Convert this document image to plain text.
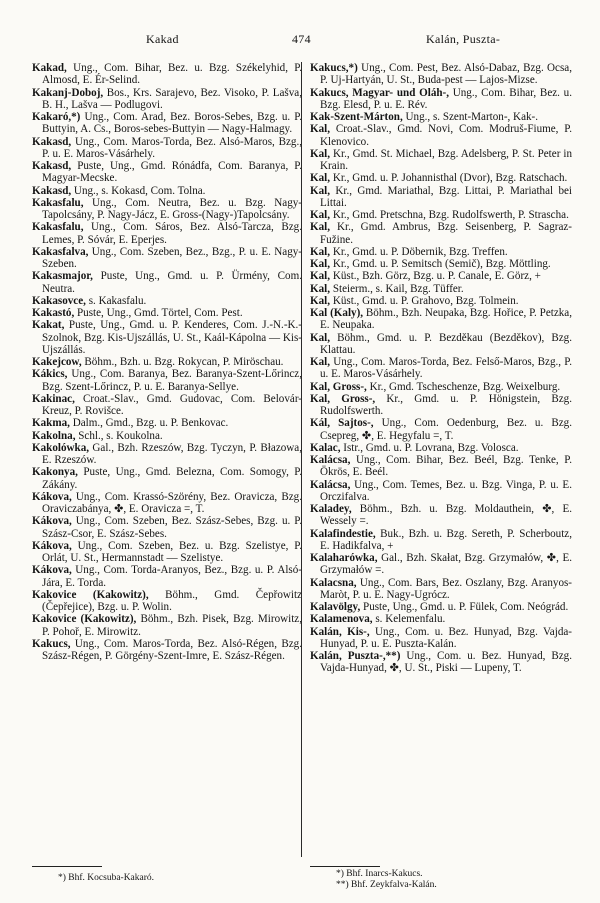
Kakad	474	Kalán, Puszta-
Kakad, Ung., Com. Bihar, Bez. u. Bzg. Székelyhid, P. Almosd, E. Ér-Selind.
Kakanj-Doboj, Bos., Krs. Sarajevo, Bez. Visoko, P. Lašva, B. H., Lašva — Podlugovi.
Kakaró,*) Ung., Com. Arad, Bez. Boros-Sebes, Bzg. u. P. Buttyin, A. Cs., Boros-sebes-Buttyin — Nagy-Halmagy.
Kakasd, Ung., Com. Maros-Torda, Bez. Alsó-Maros, Bzg., P. u. E. Maros-Vásárhely.
Kakasd, Puste, Ung., Gmd. Rónádfa, Com. Baranya, P. Magyar-Mecske.
Kakasd, Ung., s. Kokasd, Com. Tolna.
Kakasfalu, Ung., Com. Neutra, Bez. u. Bzg. Nagy-Tapolcsány, P. Nagy-Jácz, E. Gross-(Nagy-)Tapolcsány.
Kakasfalu, Ung., Com. Sáros, Bez. Alsó-Tarcza, Bzg. Lemes, P. Sóvár, E. Eperjes.
Kakasfalva, Ung., Com. Szeben, Bez., Bzg., P. u. E. Nagy-Szeben.
Kakasmajor, Puste, Ung., Gmd. u. P. Ürmény, Com. Neutra.
Kakasovce, s. Kakasfalu.
Kakastó, Puste, Ung., Gmd. Törtel, Com. Pest.
Kakat, Puste, Ung., Gmd. u. P. Kenderes, Com. J.-N.-K.-Szolnok, Bzg. Kis-Ujszállás, U. St., Kaál-Kápolna — Kis-Ujszállás.
Kakejcow, Böhm., Bzh. u. Bzg. Rokycan, P. Miröschau.
Kákics, Ung., Com. Baranya, Bez. Baranya-Szent-Lőrincz, Bzg. Szent-Lőrincz, P. u. E. Baranya-Sellye.
Kakinac, Croat.-Slav., Gmd. Gudovac, Com. Belovár-Kreuz, P. Rovišce.
Kakma, Dalm., Gmd., Bzg. u. P. Benkovac.
Kakolna, Schl., s. Koukolna.
Kakolówka, Gal., Bzh. Rzeszów, Bzg. Tyczyn, P. Błazowa, E. Rzeszów.
Kakonya, Puste, Ung., Gmd. Belezna, Com. Somogy, P. Zákány.
Kákova, Ung., Com. Krassó-Szörény, Bez. Oravicza, Bzg. Oraviczabánya, ✤, E. Oravicza =, T.
Kákova, Ung., Com. Szeben, Bez. Szász-Sebes, Bzg. u. P. Szász-Csor, E. Szász-Sebes.
Kákova, Ung., Com. Szeben, Bez. u. Bzg. Szelistye, P. Orlát, U. St., Hermannstadt — Szelistye.
Kákova, Ung., Com. Torda-Aranyos, Bez., Bzg. u. P. Alsó-Jára, E. Torda.
Kakovice (Kakowitz), Böhm., Gmd. Čepřowitz (Čepřejice), Bzg. u. P. Wolin.
Kakovice (Kakowitz), Böhm., Bzh. Pisek, Bzg. Mirowitz, P. Pohoř, E. Mirowitz.
Kakucs, Ung., Com. Maros-Torda, Bez. Alsó-Régen, Bzg. Szász-Régen, P. Görgény-Szent-Imre, E. Szász-Régen.
Kakucs,*) Ung., Com. Pest, Bez. Alsó-Dabaz, Bzg. Ocsa, P. Uj-Hartyán, U. St., Buda-pest — Lajos-Mizse.
Kakucs, Magyar- und Oláh-, Ung., Com. Bihar, Bez. u. Bzg. Elesd, P. u. E. Rév.
Kak-Szent-Márton, Ung., s. Szent-Marton-, Kak-.
Kal, Croat.-Slav., Gmd. Novi, Com. Modruš-Fiume, P. Klenovico.
Kal, Kr., Gmd. St. Michael, Bzg. Adelsberg, P. St. Peter in Krain.
Kal, Kr., Gmd. u. P. Johannisthal (Dvor), Bzg. Ratschach.
Kal, Kr., Gmd. Mariathal, Bzg. Littai, P. Mariathal bei Littai.
Kal, Kr., Gmd. Pretschna, Bzg. Rudolfswerth, P. Straschа.
Kal, Kr., Gmd. Ambrus, Bzg. Seisenberg, P. Sagraz-Fužine.
Kal, Kr., Gmd. u. P. Döbernik, Bzg. Treffen.
Kal, Kr., Gmd. u. P. Semitsch (Semič), Bzg. Möttling.
Kal, Küst., Bzh. Görz, Bzg. u. P. Canale, E. Görz, +
Kal, Steierm., s. Kail, Bzg. Tüffer.
Kal, Küst., Gmd. u. P. Grahovo, Bzg. Tolmein.
Kal (Kaly), Böhm., Bzh. Neupaka, Bzg. Hořice, P. Petzka, E. Neupaka.
Kal, Böhm., Gmd. u. P. Bezděkau (Bezděkov), Bzg. Klattau.
Kal, Ung., Com. Maros-Torda, Bez. Felső-Maros, Bzg., P. u. E. Maros-Vásárhely.
Kal, Gross-, Kr., Gmd. Tscheschenze, Bzg. Weixelburg.
Kal, Gross-, Kr., Gmd. u. P. Hönigstein, Bzg. Rudolfswerth.
Kál, Sajtos-, Ung., Com. Oedenburg, Bez. u. Bzg. Csepreg, ✤, E. Hegyfalu =, T.
Kalac, Istr., Gmd. u. P. Lovrana, Bzg. Volosca.
Kalácsa, Ung., Com. Bihar, Bez. Beél, Bzg. Tenke, P. Ökrös, E. Beél.
Kalácsa, Ung., Com. Temes, Bez. u. Bzg. Vinga, P. u. E. Orczifalva.
Kaladey, Böhm., Bzh. u. Bzg. Moldauthein, ✤, E. Wessely =.
Kalafindestie, Buk., Bzh. u. Bzg. Sereth, P. Scherboutz, E. Hadikfalva, +
Kalaharówka, Gal., Bzh. Skałat, Bzg. Grzymałów, ✤, E. Grzymałów =.
Kalacsna, Ung., Com. Bars, Bez. Oszlany, Bzg. Aranyos-Maròt, P. u. E. Nagy-Ugrócz.
Kalavölgy, Puste, Ung., Gmd. u. P. Fülek, Com. Neógrád.
Kalamenova, s. Kelemenfalu.
Kalán, Kis-, Ung., Com. u. Bez. Hunyad, Bzg. Vajda-Hunyad, P. u. E. Puszta-Kalán.
Kalán, Puszta-,**) Ung., Com. u. Bez. Hunyad, Bzg. Vajda-Hunyad, ✤, U. St., Piski — Lupeny, T.
*) Bhf. Kocsuba-Kakaró.	*) Bhf. Inarcs-Kakucs.
**) Bhf. Zeykfalva-Kalán.
